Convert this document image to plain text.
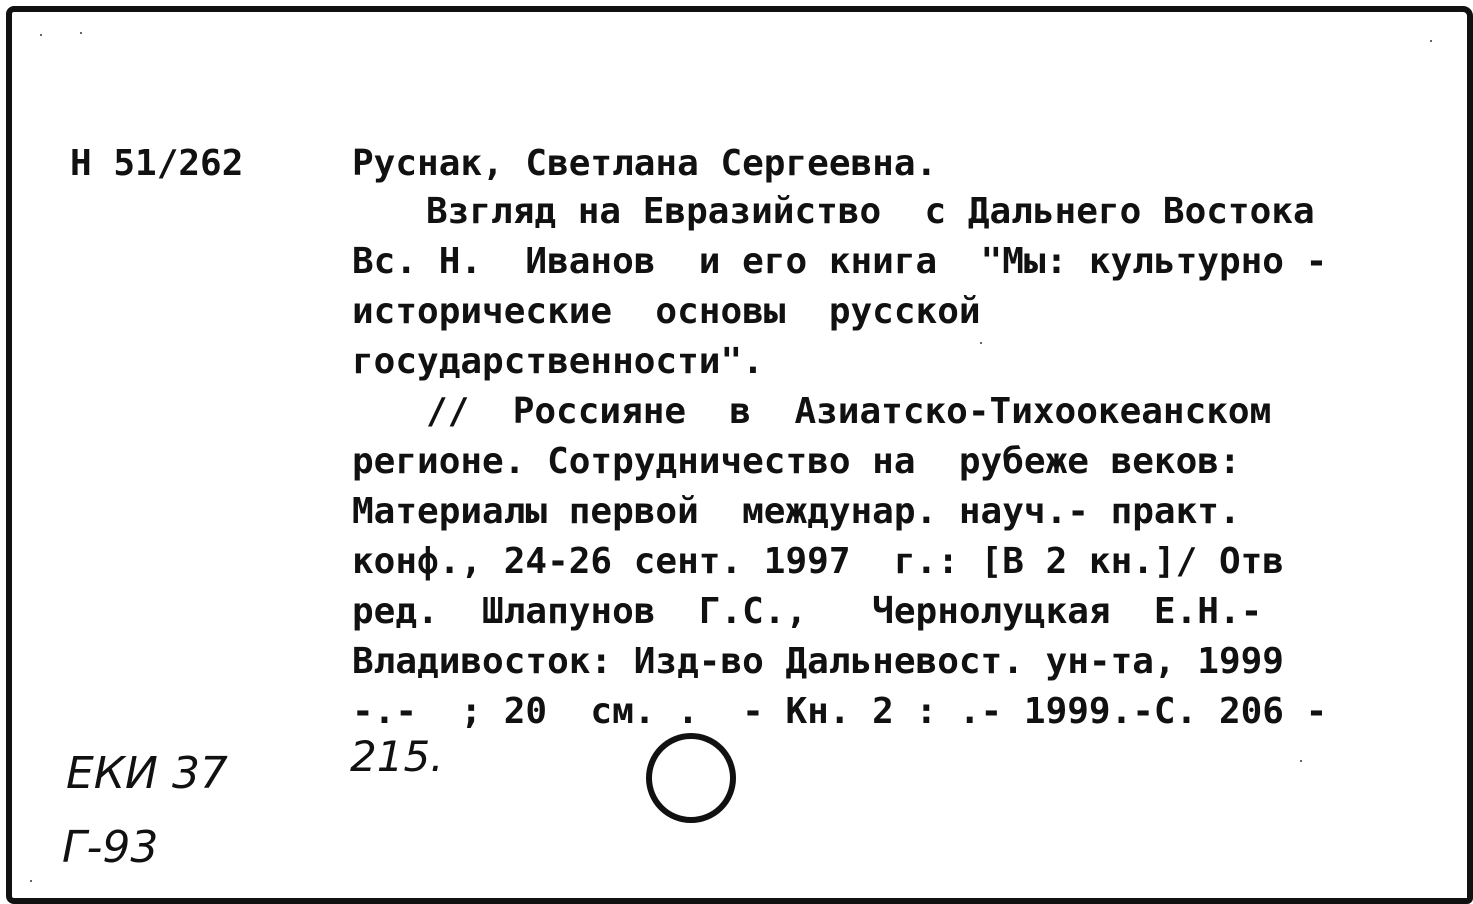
Н 51/262	Руснак, Светлана Сергеевна.
Взгляд на Евразийство  с Дальнего Востока
Вс. Н.  Иванов  и его книга  "Мы: культурно -
исторические  основы  русской
государственности".
//  Россияне  в  Азиатско-Тихоокеанском
регионе. Сотрудничество на  рубеже веков:
Материалы первой  междунар. науч.- практ.
конф., 24-26 сент. 1997  г.: [В 2 кн.]/ Отв
ред.  Шлапунов  Г.С.,   Чернолуцкая  Е.Н.-
Владивосток: Изд-во Дальневост. ун-та, 1999
-.-  ; 20  см. .  - Кн. 2 : .- 1999.-С. 206 -
215.
ЕКИ 37
Г-93
